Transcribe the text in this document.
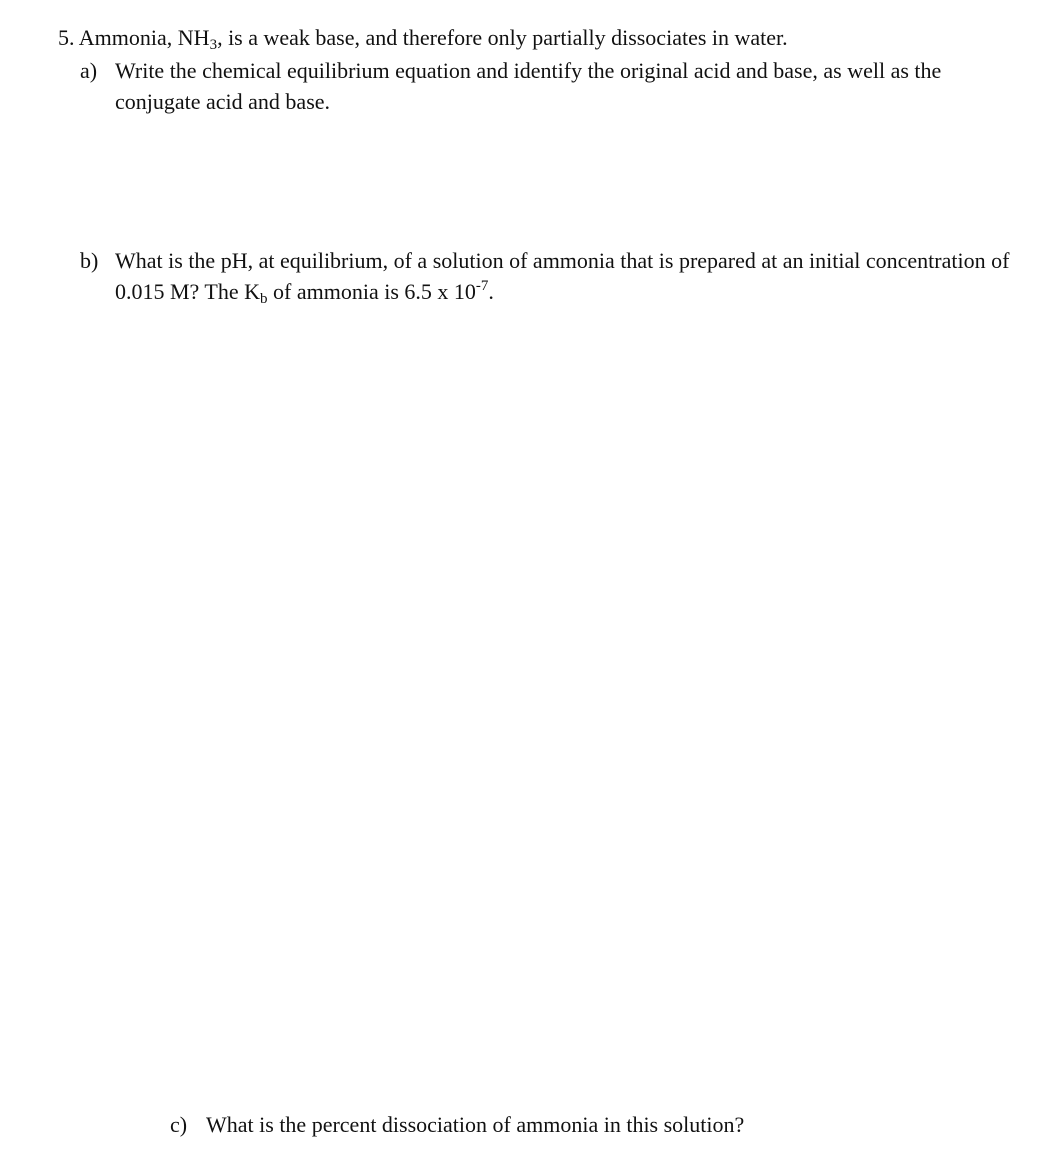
5. Ammonia, $NH_3$, is a weak base, and therefore only partially dissociates in water.
a) Write the chemical equilibrium equation and identify the original acid and base, as well as the conjugate acid and base.
b) What is the pH, at equilibrium, of a solution of ammonia that is prepared at an initial concentration of 0.015 M? The $K_b$ of ammonia is 6.5 x $10^{-7}$.
c) What is the percent dissociation of ammonia in this solution?
